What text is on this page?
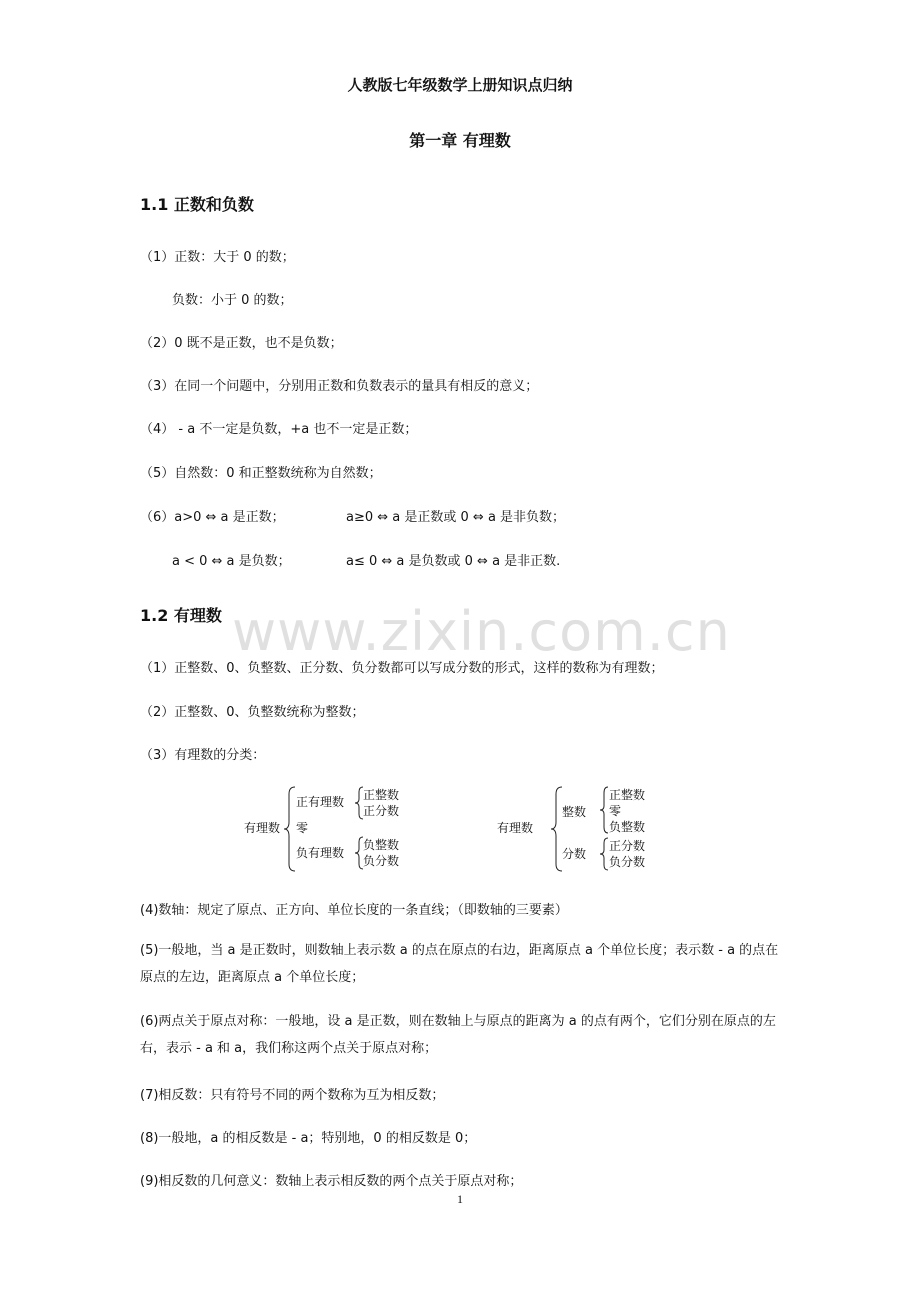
人教版七年级数学上册知识点归纳
第一章 有理数
1.1 正数和负数
（1）正数：大于 0 的数；
负数：小于 0 的数；
（2）0 既不是正数，也不是负数；
（3）在同一个问题中，分别用正数和负数表示的量具有相反的意义；
（4） - a 不一定是负数，+a 也不一定是正数；
（5）自然数：0 和正整数统称为自然数；
（6）a>0 ⇔ a 是正数；	a≥0 ⇔ a 是正数或 0 ⇔ a 是非负数；
a < 0 ⇔ a 是负数；	a≤ 0 ⇔ a 是负数或 0 ⇔ a 是非正数.
1.2 有理数 www.zixin.com.cn
（1）正整数、0、负整数、正分数、负分数都可以写成分数的形式，这样的数称为有理数；
（2）正整数、0、负整数统称为整数；
（3）有理数的分类：
有理数
正有理数
零
负有理数
正整数
正分数
负整数
负分数
有理数
整数
分数
正整数
零
负整数
正分数
负分数
(4)数轴：规定了原点、正方向、单位长度的一条直线；（即数轴的三要素）
(5)一般地，当 a 是正数时，则数轴上表示数 a 的点在原点的右边，距离原点 a 个单位长度；表示数 - a 的点在原点的左边，距离原点 a 个单位长度；
(6)两点关于原点对称：一般地，设 a 是正数，则在数轴上与原点的距离为 a 的点有两个，它们分别在原点的左右，表示 - a 和 a，我们称这两个点关于原点对称；
(7)相反数：只有符号不同的两个数称为互为相反数；
(8)一般地，a 的相反数是 - a；特别地，0 的相反数是 0；
(9)相反数的几何意义：数轴上表示相反数的两个点关于原点对称；
1
